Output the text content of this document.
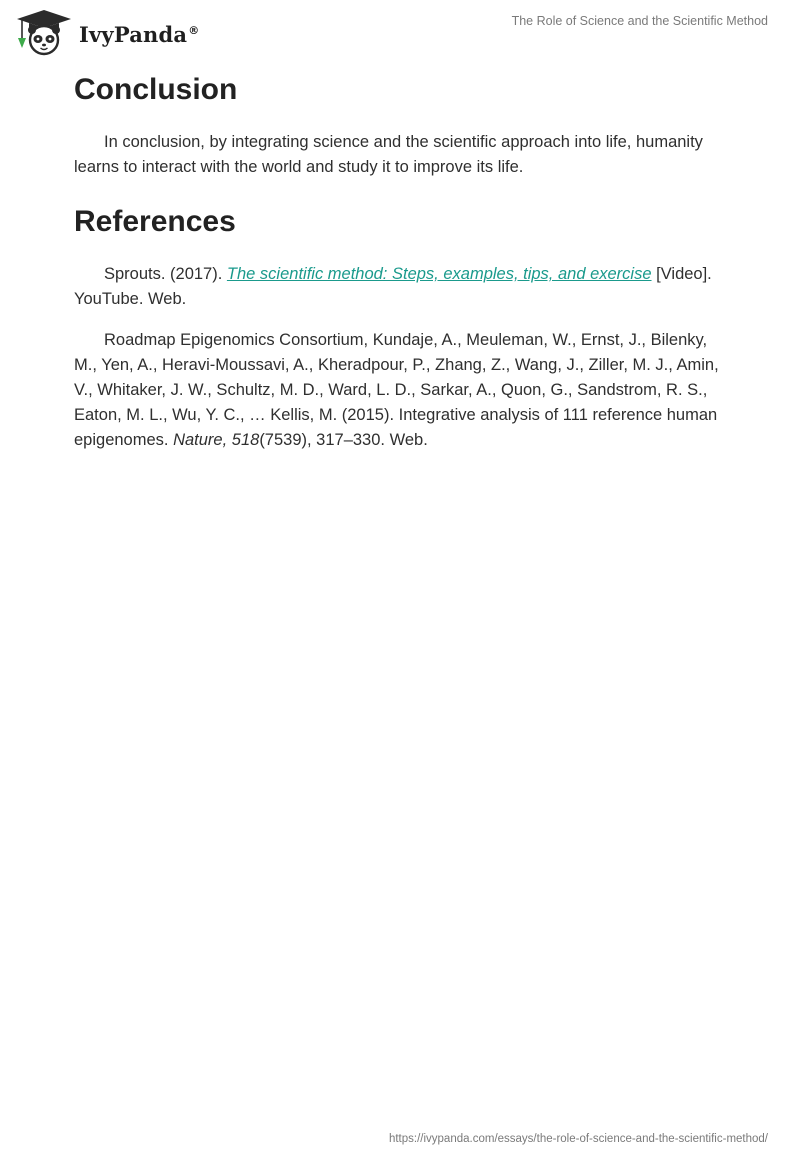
IvyPanda®
The Role of Science and the Scientific Method
Conclusion

In conclusion, by integrating science and the scientific approach into life, humanity learns to interact with the world and study it to improve its life.

References

Sprouts. (2017). The scientific method: Steps, examples, tips, and exercise [Video]. YouTube. Web.

Roadmap Epigenomics Consortium, Kundaje, A., Meuleman, W., Ernst, J., Bilenky, M., Yen, A., Heravi-Moussavi, A., Kheradpour, P., Zhang, Z., Wang, J., Ziller, M. J., Amin, V., Whitaker, J. W., Schultz, M. D., Ward, L. D., Sarkar, A., Quon, G., Sandstrom, R. S., Eaton, M. L., Wu, Y. C., … Kellis, M. (2015). Integrative analysis of 111 reference human epigenomes. Nature, 518(7539), 317–330. Web.

https://ivypanda.com/essays/the-role-of-science-and-the-scientific-method/
